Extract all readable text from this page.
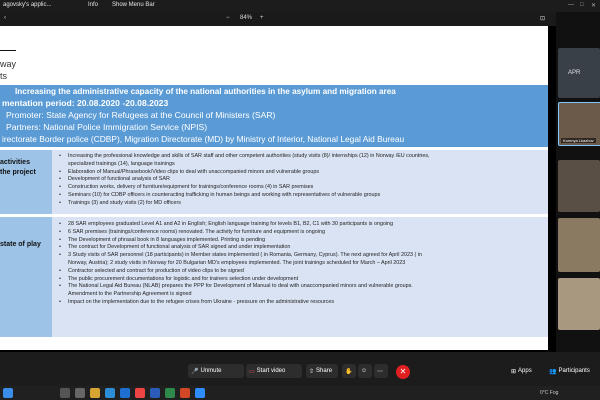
agovsky's applic...	Info Show Menu Bar	— □ ✕
‹	− 84% +	⊡
way
ts
Increasing the administrative capacity of the national authorities in the asylum and migration area
mentation period: 20.08.2020 -20.08.2023
Promoter: State Agency for Refugees at the Council of Ministers (SAR)
Partners: National Police Immigration Service (NPIS)
irectorate Border police (CDBP), Migration Directorate (MD) by Ministry of Interior, National Legal Aid Bureau
activities
the project
• Increasing the professional knowledge and skills of SAR staff and other competent authorities (study visits (8)/ internships (12) in Norway /EU countries,
specialized trainings (14), language trainings
• Elaboration of Manual/Phrasebook/Video clips to deal with unaccompanied minors and vulnerable groups
• Development of functional analysis of SAR
• Construction works, delivery of furniture/equipment for trainings/conference rooms (4) in SAR premises
• Seminars (10) for CDBP officers in counteracting trafficking in human beings and working with representatives of vulnerable groups
• Trainings (3) and study visits (2) for MD officers
state of play
• 28 SAR employees graduated Level A1 and A2 in English; English language training for levels B1, B2, C1 with 30 participants is ongoing
• 6 SAR premises (trainings/conference rooms) renovated. The activity for furniture and equipment is ongoing
• The Development of phrasal book in 8 languages implemented. Printing is pending
• The contract for Development of functional analysis of SAR signed and under implementation
• 3 Study visits of SAR personnel (18 participants) in Member states implemented ( in Romania, Germany, Cyprus). The next agreed for April 2023 ( in
Norway, Austria); 2 study visits in Norway for 20 Bulgarian MD's employees implemented. The joint trainings scheduled for March – April 2023
• Contractor selected and contract for production of video clips to be signed
• The public procurement documentations for logistic and for trainers selection under development
• The National Legal Aid Bureau (NLAB) prepares the PPP for Development of Manual to deal with unaccompanied minors and vulnerable groups.
Amendment to the Partnership Agreement is signed
• Impact on the implementation due to the refugee crises from Ukraine - pressure on the administrative resources
APR
Komnyа Lkazhov
🎤 Unmute	▭ Start video	⇧ Share ✋ ☺ ⋯	✕	⊞ Apps	👥 Participants
0°C Fog
